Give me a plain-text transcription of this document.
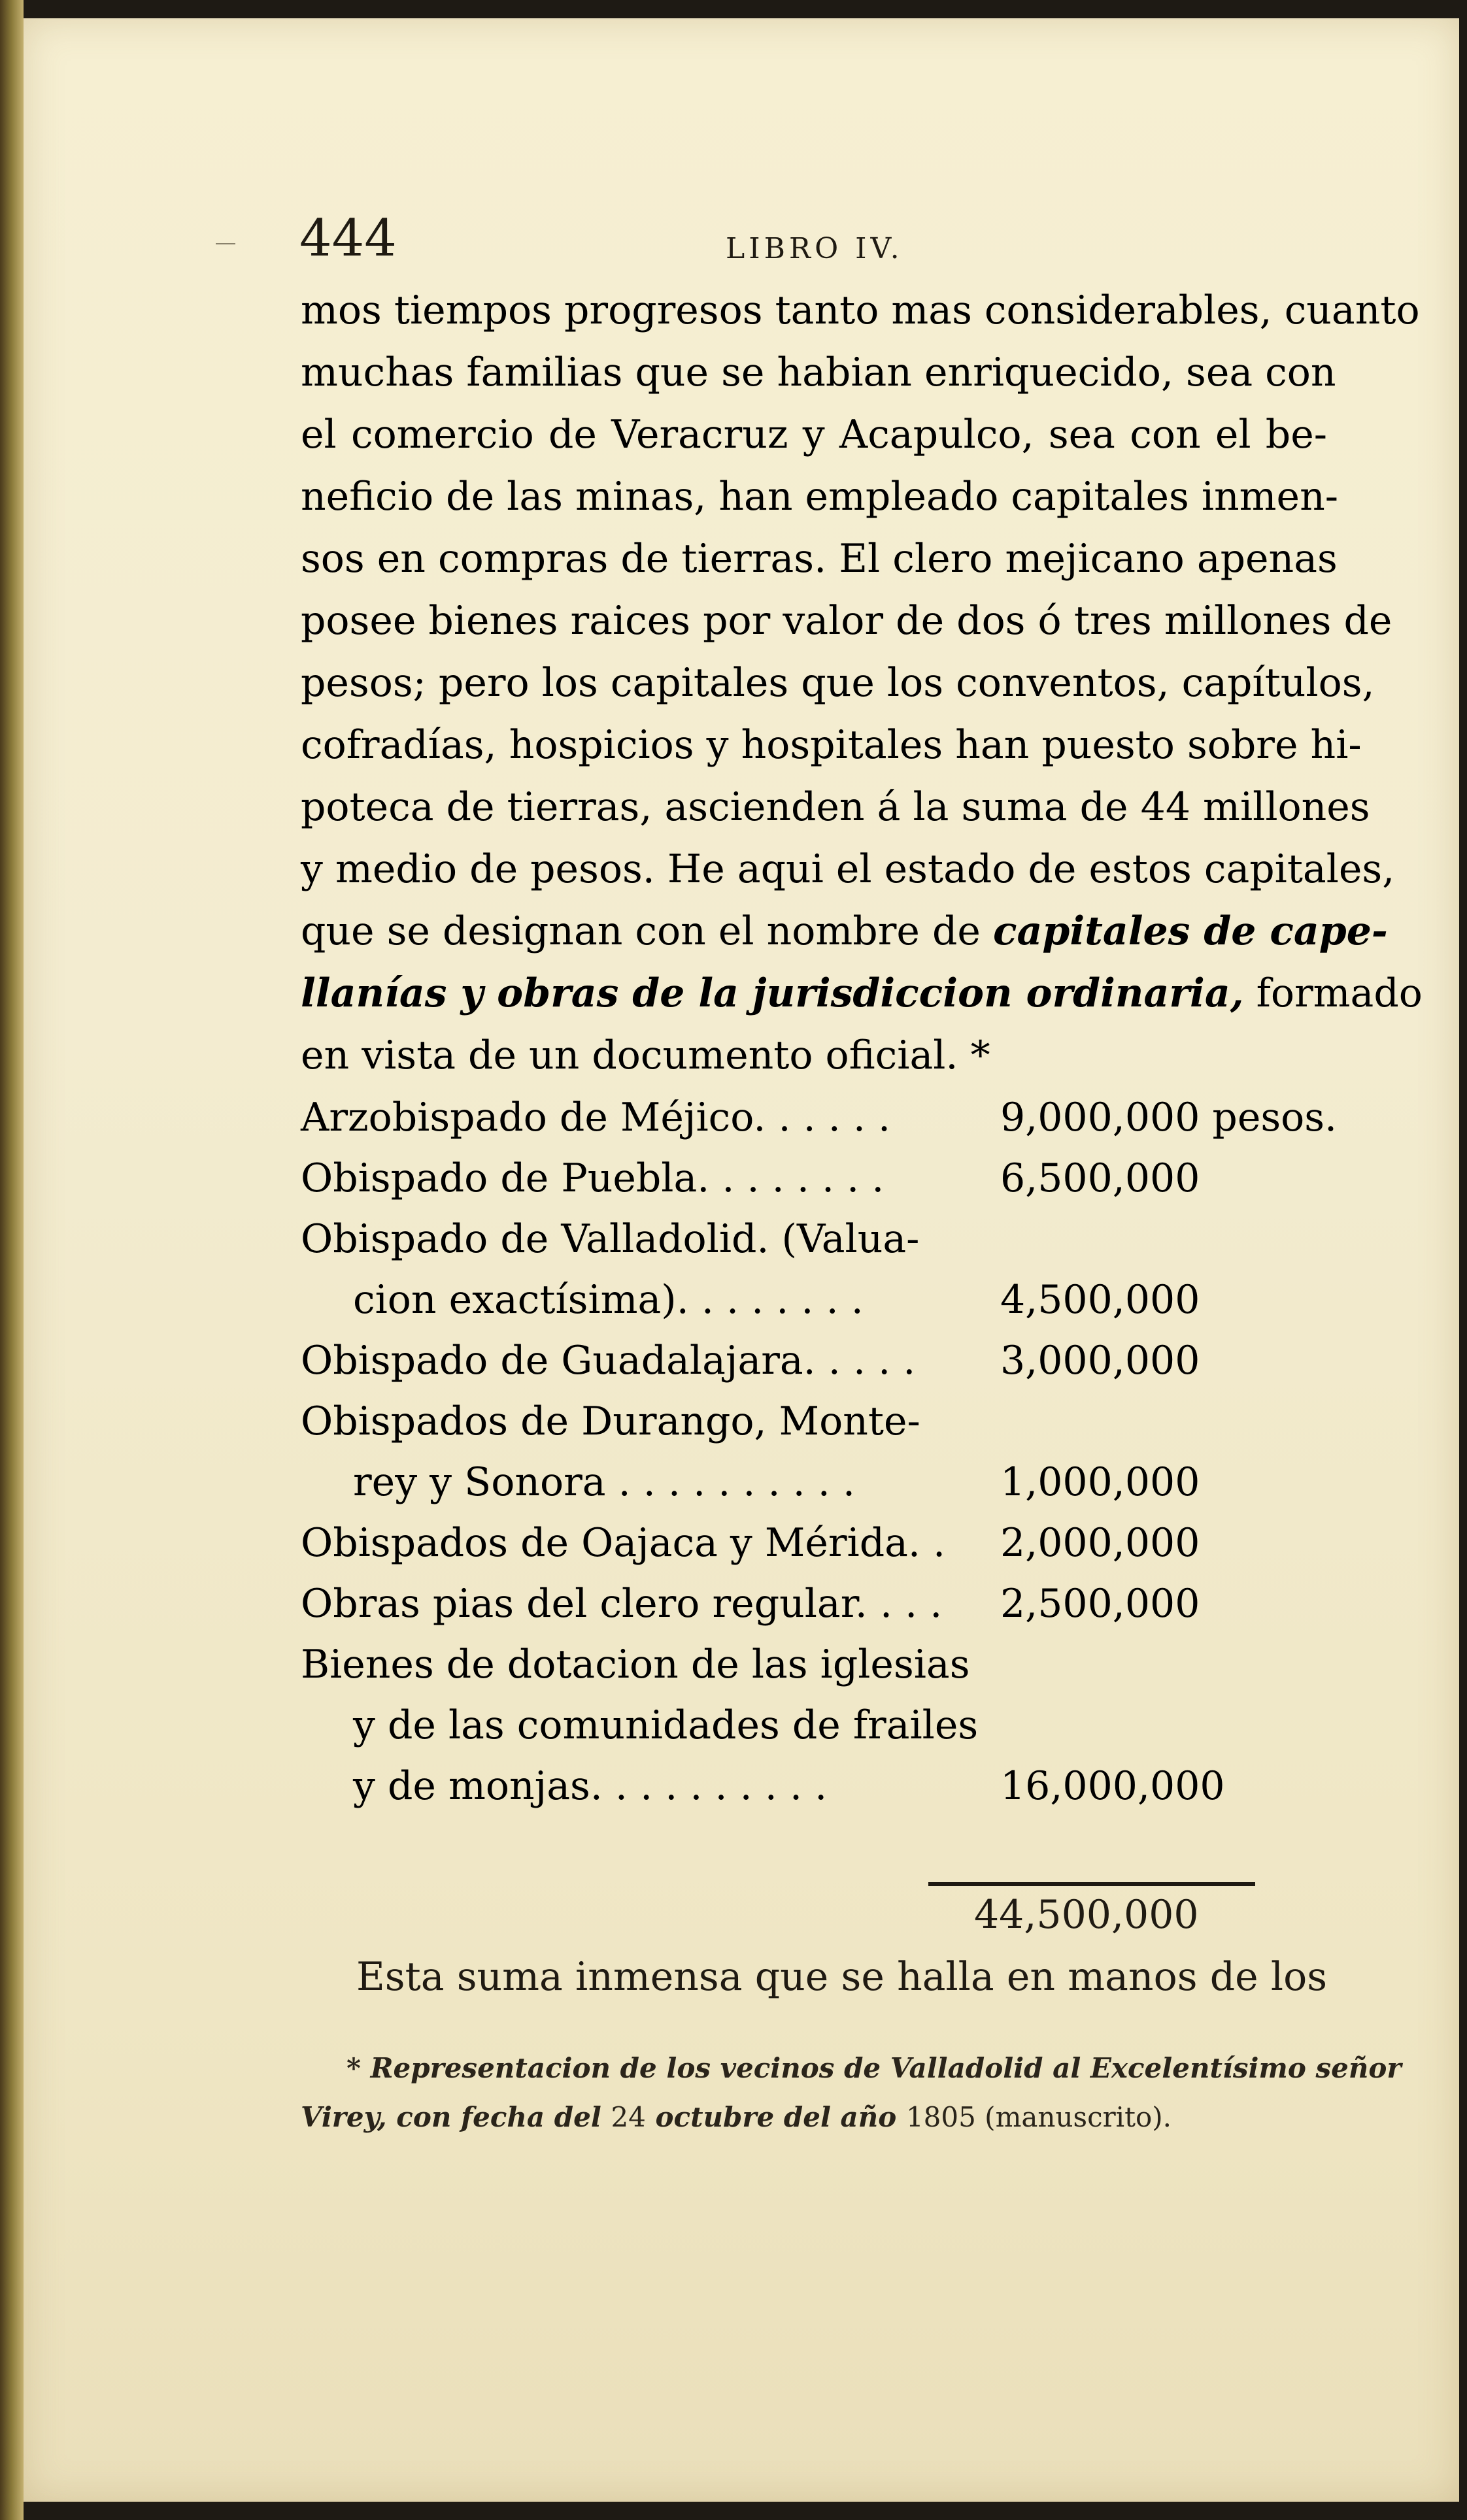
444	LIBRO IV.
mos tiempos progresos tanto mas considerables, cuanto
muchas familias que se habian enriquecido, sea con
el comercio de Veracruz y Acapulco, sea con el be-
neficio de las minas, han empleado capitales inmen-
sos en compras de tierras. El clero mejicano apenas
posee bienes raices por valor de dos ó tres millones de
pesos; pero los capitales que los conventos, capítulos,
cofradías, hospicios y hospitales han puesto sobre hi-
poteca de tierras, ascienden á la suma de 44 millones
y medio de pesos. He aqui el estado de estos capitales,
que se designan con el nombre de capitales de cape-
llanías y obras de la jurisdiccion ordinaria, formado
en vista de un documento oficial. *
Arzobispado de Méjico. . . . . .	9,000,000 pesos.
Obispado de Puebla. . . . . . . .	6,500,000
Obispado de Valladolid. (Valua-
cion exactísima). . . . . . . .	4,500,000
Obispado de Guadalajara. . . . . 3,000,000
Obispados de Durango, Monte-
rey y Sonora . . . . . . . . . .	1,000,000
Obispados de Oajaca y Mérida. . 2,000,000
Obras pias del clero regular. . . . 2,500,000
Bienes de dotacion de las iglesias
y de las comunidades de frailes
y de monjas. . . . . . . . . .	16,000,000
44,500,000
Esta suma inmensa que se halla en manos de los
* Representacion de los vecinos de Valladolid al Excelentísimo señor
Virey, con fecha del 24 octubre del año 1805 (manuscrito).
